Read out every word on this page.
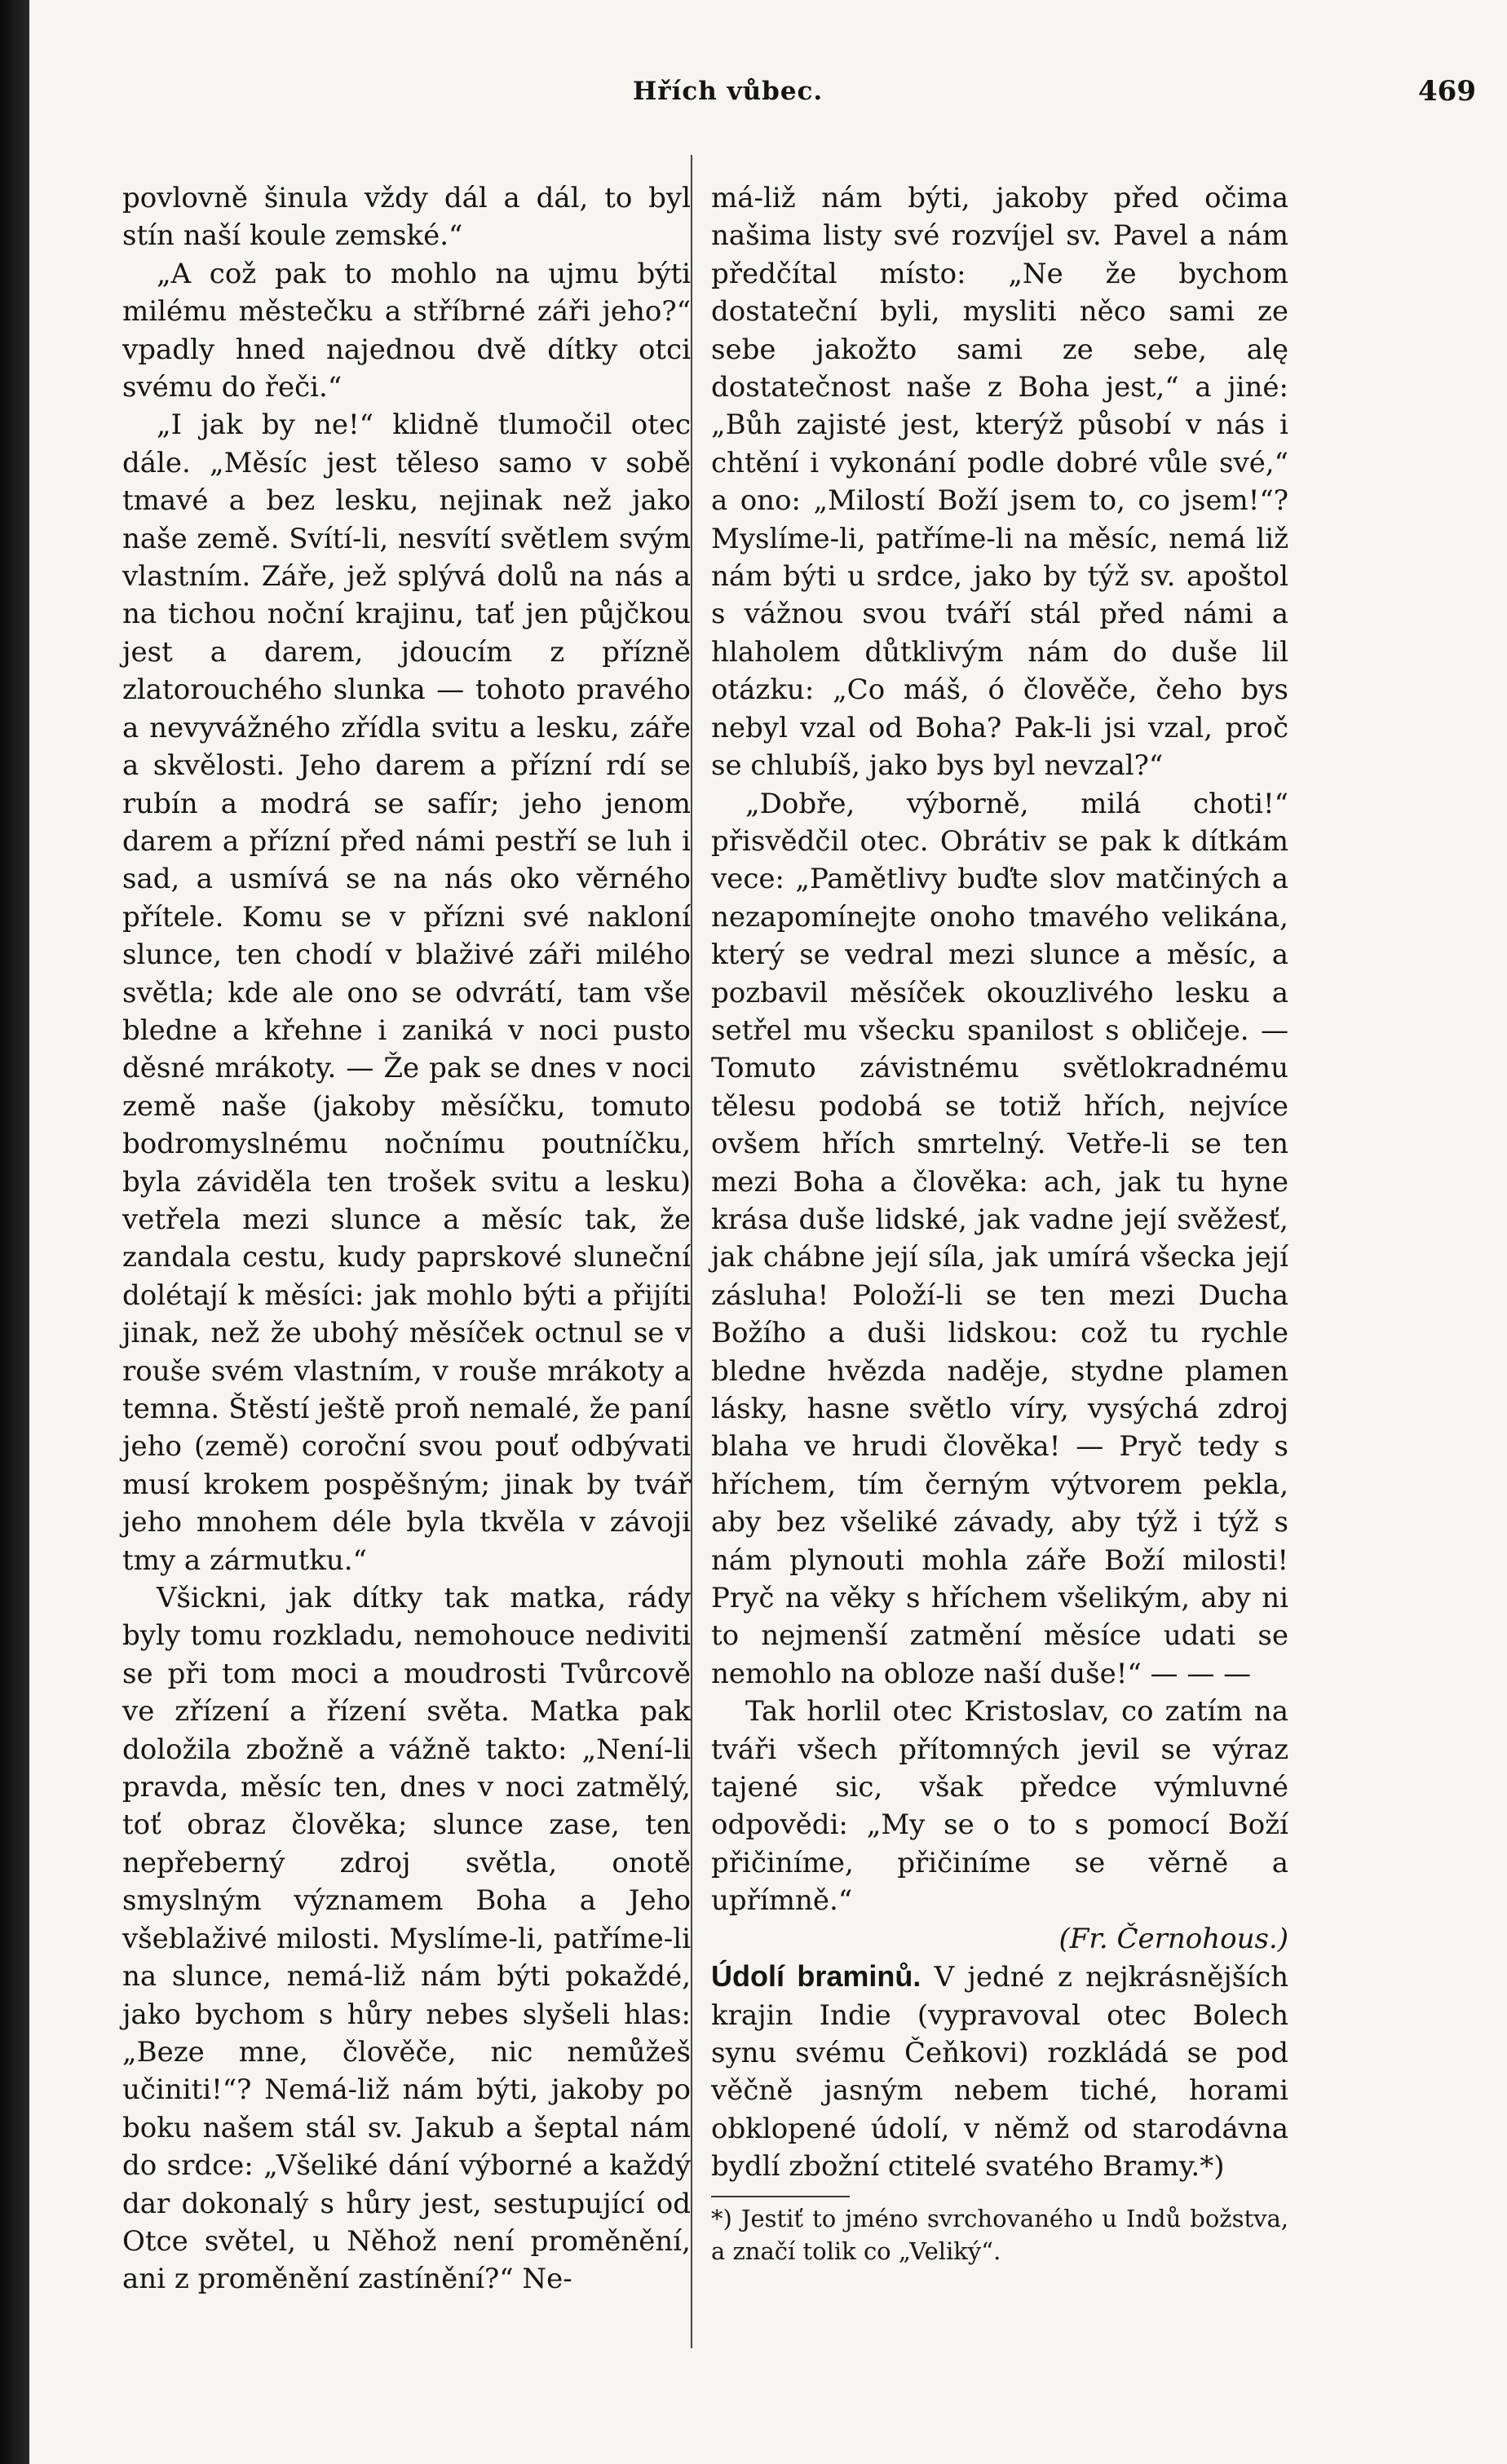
Hřích vůbec.	469

povlovně šinula vždy dál a dál, to byl stín naší koule zemské.“

„A což pak to mohlo na ujmu býti milému městečku a stříbrné záři jeho?“ vpadly hned najednou dvě dítky otci svému do řeči.“

„I jak by ne!“ klidně tlumočil otec dále. „Měsíc jest těleso samo v sobě tmavé a bez lesku, nejinak než jako naše země. Svítí-li, nesvítí světlem svým vlastním. Záře, jež splývá dolů na nás a na tichou noční krajinu, tať jen půjčkou jest a darem, jdoucím z přízně zlatorouchého slunka — tohoto pravého a nevyvážného zřídla svitu a lesku, záře a skvělosti. Jeho darem a přízní rdí se rubín a modrá se safír; jeho jenom darem a přízní před námi pestří se luh i sad, a usmívá se na nás oko věrného přítele. Komu se v přízni své nakloní slunce, ten chodí v blaživé záři milého světla; kde ale ono se odvrátí, tam vše bledne a křehne i zaniká v noci pusto děsné mrákoty. — Že pak se dnes v noci země naše (jakoby měsíčku, tomuto bodromyslnému nočnímu poutníčku, byla záviděla ten trošek svitu a lesku) vetřela mezi slunce a měsíc tak, že zandala cestu, kudy paprskové sluneční dolétají k měsíci: jak mohlo býti a přijíti jinak, než že ubohý měsíček octnul se v rouše svém vlastním, v rouše mrákoty a temna. Štěstí ještě proň nemalé, že paní jeho (země) coroční svou pouť odbývati musí krokem pospěšným; jinak by tvář jeho mnohem déle byla tkvěla v závoji tmy a zármutku.“

Všickni, jak dítky tak matka, rády byly tomu rozkladu, nemohouce nediviti se při tom moci a moudrosti Tvůrcově ve zřízení a řízení světa. Matka pak doložila zbožně a vážně takto: „Není-li pravda, měsíc ten, dnes v noci zatmělý, toť obraz člověka; slunce zase, ten nepřeberný zdroj světla, onotě smyslným významem Boha a Jeho všeblaživé milosti. Myslíme-li, patříme-li na slunce, nemá-liž nám býti pokaždé, jako bychom s hůry nebes slyšeli hlas: „Beze mne, člověče, nic nemůžeš učiniti!“? Nemá-liž nám býti, jakoby po boku našem stál sv. Jakub a šeptal nám do srdce: „Všeliké dání výborné a každý dar dokonalý s hůry jest, sestupující od Otce světel, u Něhož není proměnění, ani z proměnění zastínění?“ Ne-

má-liž nám býti, jakoby před očima našima listy své rozvíjel sv. Pavel a nám předčítal místo: „Ne že bychom dostateční byli, mysliti něco sami ze sebe jakožto sami ze sebe, alę dostatečnost naše z Boha jest,“ a jiné: „Bůh zajisté jest, kterýž působí v nás i chtění i vykonání podle dobré vůle své,“ a ono: „Milostí Boží jsem to, co jsem!“? Myslíme-li, patříme-li na měsíc, nemá liž nám býti u srdce, jako by týž sv. apoštol s vážnou svou tváří stál před námi a hlaholem důtklivým nám do duše lil otázku: „Co máš, ó člověče, čeho bys nebyl vzal od Boha? Pak-li jsi vzal, proč se chlubíš, jako bys byl nevzal?“

„Dobře, výborně, milá choti!“ přisvědčil otec. Obrátiv se pak k dítkám vece: „Pamětlivy buďte slov matčiných a nezapomínejte onoho tmavého velikána, který se vedral mezi slunce a měsíc, a pozbavil měsíček okouzlivého lesku a setřel mu všecku spanilost s obličeje. — Tomuto závistnému světlokradnému tělesu podobá se totiž hřích, nejvíce ovšem hřích smrtelný. Vetře-li se ten mezi Boha a člověka: ach, jak tu hyne krása duše lidské, jak vadne její svěžesť, jak chábne její síla, jak umírá všecka její zásluha! Položí-li se ten mezi Ducha Božího a duši lidskou: což tu rychle bledne hvězda naděje, stydne plamen lásky, hasne světlo víry, vysýchá zdroj blaha ve hrudi člověka! — Pryč tedy s hříchem, tím černým výtvorem pekla, aby bez všeliké závady, aby týž i týž s nám plynouti mohla záře Boží milosti! Pryč na věky s hříchem všelikým, aby ni to nejmenší zatmění měsíce udati se nemohlo na obloze naší duše!“ — — —

Tak horlil otec Kristoslav, co zatím na tváři všech přítomných jevil se výraz tajené sic, však předce výmluvné odpovědi: „My se o to s pomocí Boží přičiníme, přičiníme se věrně a upřímně.“

(Fr. Černohous.)

Údolí braminů. V jedné z nejkrásnějších krajin Indie (vypravoval otec Bolech synu svému Čeňkovi) rozkládá se pod věčně jasným nebem tiché, horami obklopené údolí, v němž od starodávna bydlí zbožní ctitelé svatého Bramy.*)

*) Jestiť to jméno svrchovaného u Indů božstva, a značí tolik co „Veliký“.
